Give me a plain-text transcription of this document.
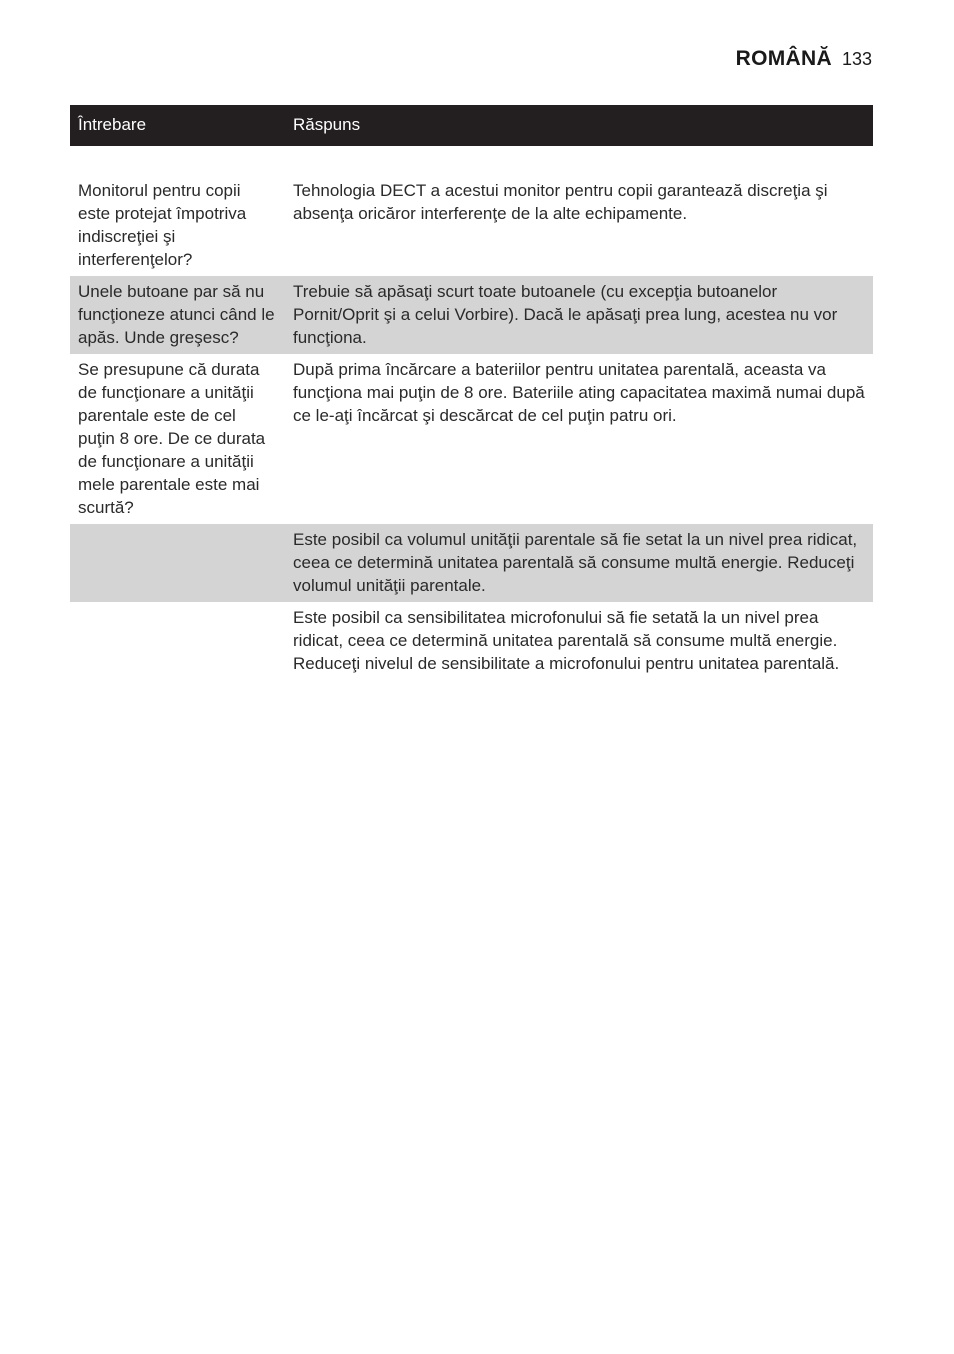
ROMÂNĂ 133
Întrebare	Răspuns

Monitorul pentru copii este protejat împotriva indiscreţiei şi interferenţelor?	Tehnologia DECT a acestui monitor pentru copii garantează discreţia şi absenţa oricăror interferenţe de la alte echipamente.
Unele butoane par să nu funcţioneze atunci când le apăs. Unde greşesc?	Trebuie să apăsaţi scurt toate butoanele (cu excepţia butoanelor Pornit/Oprit şi a celui Vorbire). Dacă le apăsaţi prea lung, acestea nu vor funcţiona.
Se presupune că durata de funcţionare a unităţii parentale este de cel puţin 8 ore. De ce durata de funcţionare a unităţii mele parentale este mai scurtă?	După prima încărcare a bateriilor pentru unitatea parentală, aceasta va funcţiona mai puţin de 8 ore. Bateriile ating capacitatea maximă numai după ce le-aţi încărcat şi descărcat de cel puţin patru ori.
	Este posibil ca volumul unităţii parentale să fie setat la un nivel prea ridicat, ceea ce determină unitatea parentală să consume multă energie. Reduceţi volumul unităţii parentale.
	Este posibil ca sensibilitatea microfonului să fie setată la un nivel prea ridicat, ceea ce determină unitatea parentală să consume multă energie. Reduceţi nivelul de sensibilitate a microfonului pentru unitatea parentală.
